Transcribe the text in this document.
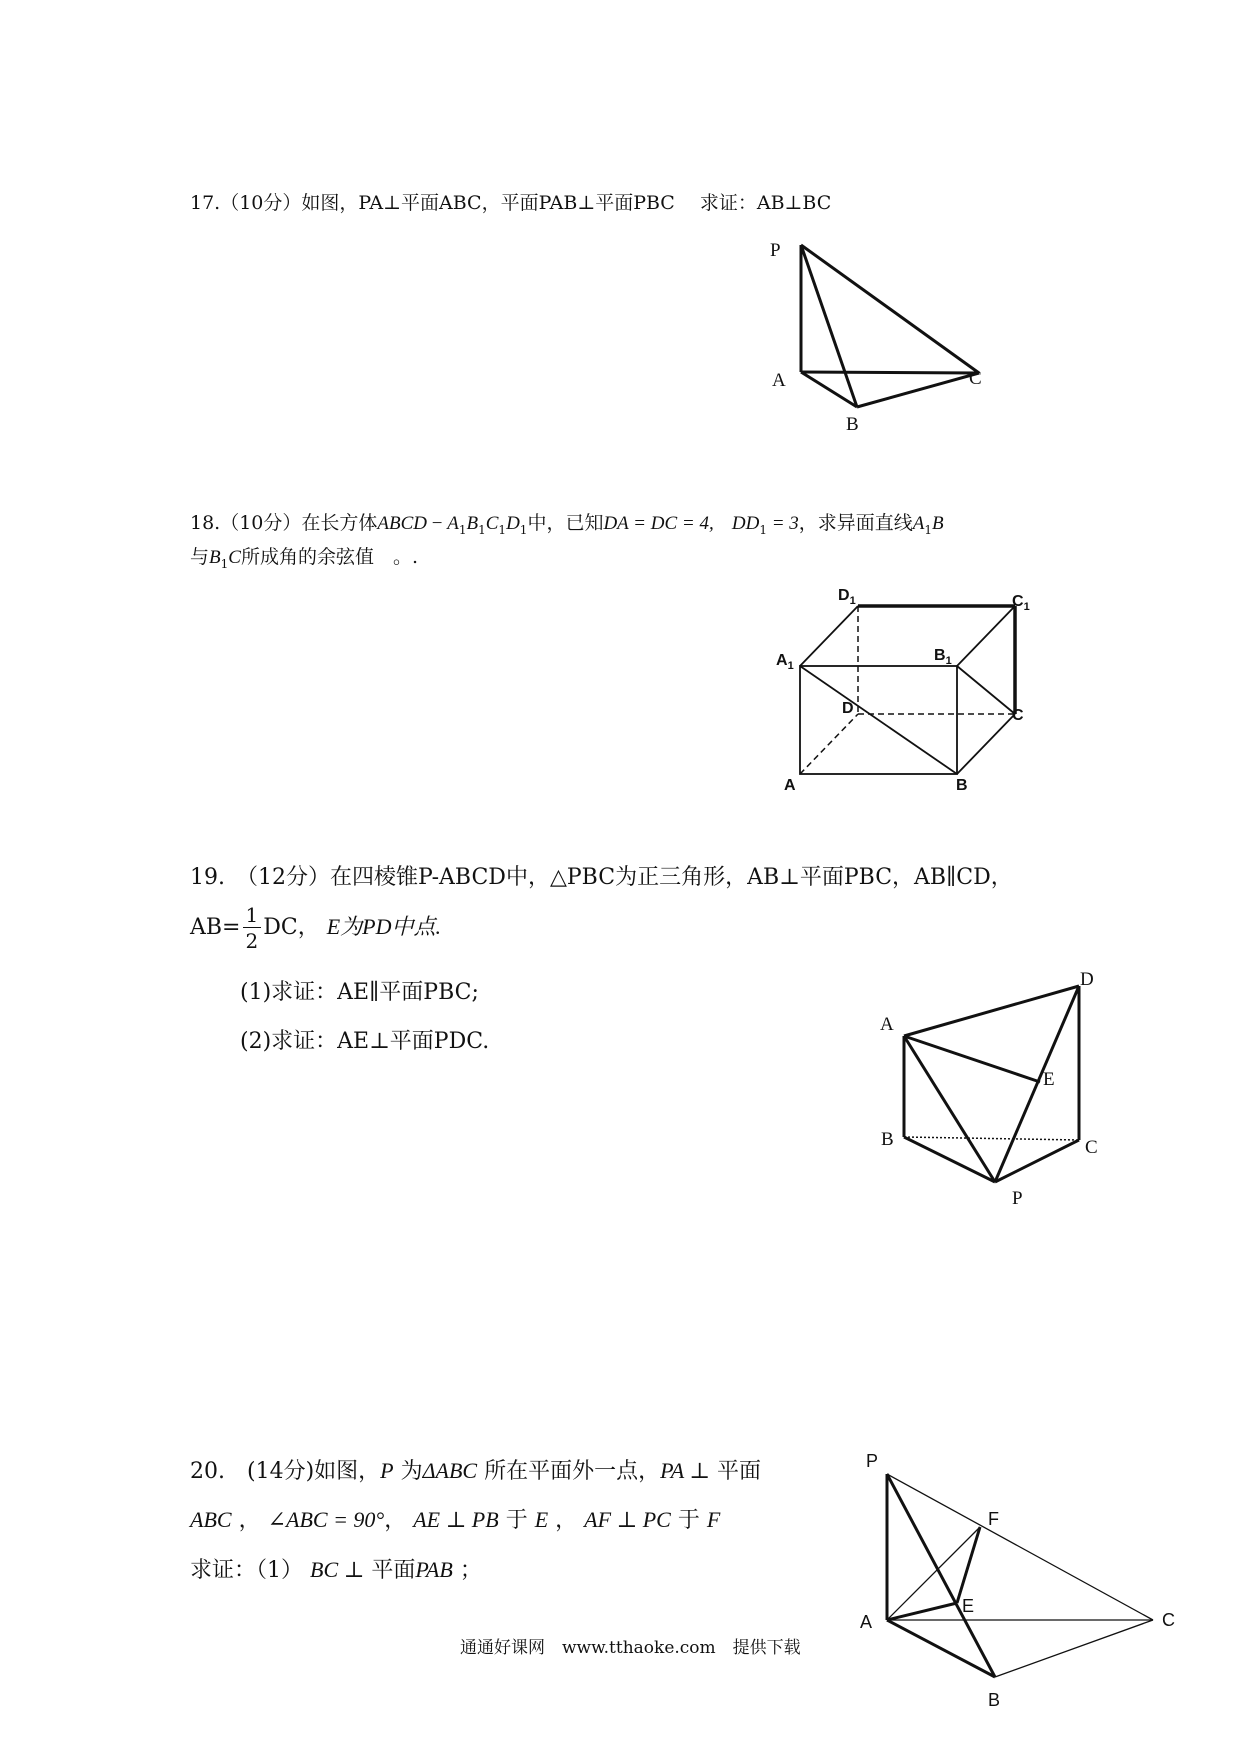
17.（10分）如图，PA⊥平面ABC，平面PAB⊥平面PBC　 求证：AB⊥BC
P
A	C
B
18.（10分）在长方体ABCD − $A_1B_1C_1D_1$中，已知DA = DC = 4, $DD_1 = 3$，求异面直线$A_1B$
与$B_1C$所成角的余弦值　。.
$D_1$	$C_1$
$A_1$
$B_1$
D	C
A	B
19.　（12分）在四棱锥P-ABCD中，△PBC为正三角形，AB⊥平面PBC，AB∥CD，
$AB= \frac{1}{2}$ DC， E为PD中点.
(1)求证：AE∥平面PBC;
(2)求证：AE⊥平面PDC.
A
D
E
B	C
P
20.　(14分)如图，P 为ΔABC 所在平面外一点，PA ⊥ 平面
ABC ， ∠ABC = 90°， AE ⊥ PB 于 E ， AF ⊥ PC 于 F
求证：（1） BC ⊥ 平面PAB ；
P
F
E
A	C
B
通通好课网　www.tthaoke.com　提供下载
